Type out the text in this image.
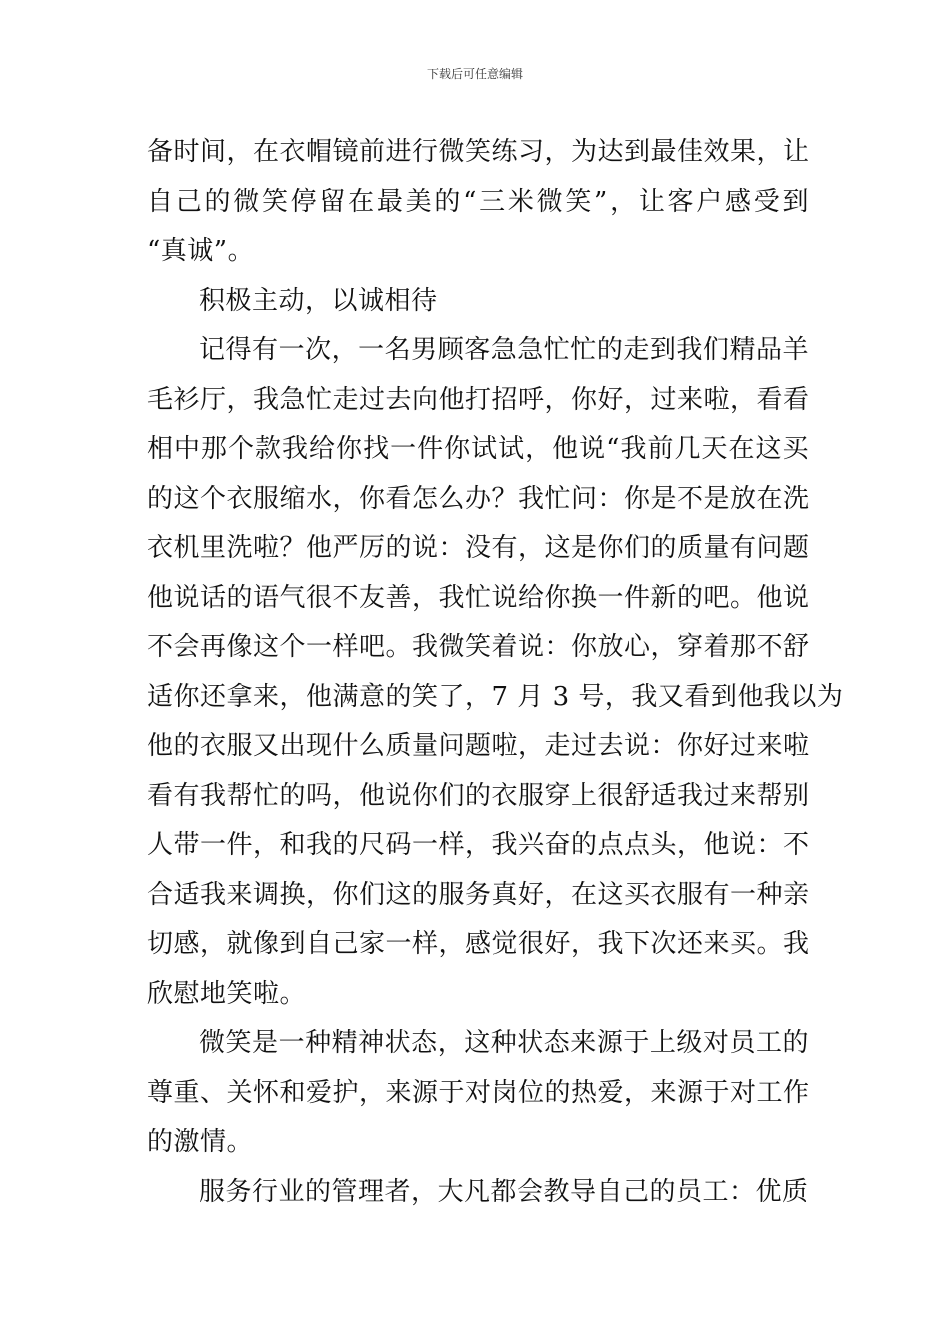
下载后可任意编辑
备时间，在衣帽镜前进行微笑练习，为达到最佳效果，让
自己的微笑停留在最美的“三米微笑”，让客户感受到
“真诚”。
积极主动，以诚相待
记得有一次，一名男顾客急急忙忙的走到我们精品羊
毛衫厅，我急忙走过去向他打招呼，你好，过来啦，看看
相中那个款我给你找一件你试试，他说“我前几天在这买
的这个衣服缩水，你看怎么办？我忙问：你是不是放在洗
衣机里洗啦？他严厉的说：没有，这是你们的质量有问题
他说话的语气很不友善，我忙说给你换一件新的吧。他说
不会再像这个一样吧。我微笑着说：你放心，穿着那不舒
适你还拿来，他满意的笑了，7 月 3 号，我又看到他我以为
他的衣服又出现什么质量问题啦，走过去说：你好过来啦
看有我帮忙的吗，他说你们的衣服穿上很舒适我过来帮别
人带一件，和我的尺码一样，我兴奋的点点头，他说：不
合适我来调换，你们这的服务真好，在这买衣服有一种亲
切感，就像到自己家一样，感觉很好，我下次还来买。我
欣慰地笑啦。
微笑是一种精神状态，这种状态来源于上级对员工的
尊重、关怀和爱护，来源于对岗位的热爱，来源于对工作
的激情。
服务行业的管理者，大凡都会教导自己的员工：优质
